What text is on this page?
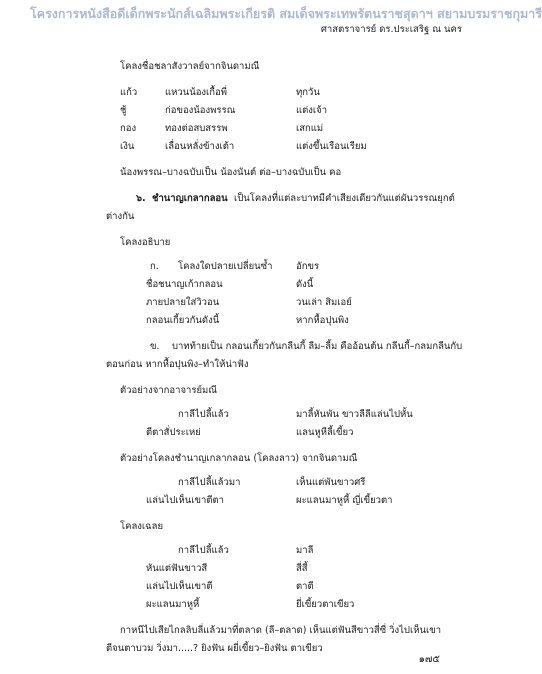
โครงการหนังสือดีเด็กพระนักส์เฉลิมพระเกียรติ สมเด็จพระเทพรัตนราชสุดาฯ สยามบรมราชกุมารี
ศาสตราจารย์ ดร.ประเสริฐ ณ นคร
โคลงชื่อชลาสังวาลย์จากจินดามณี
แก้ว	แหวนน้องเกื้อพี่	ทุกวัน
ชู้	ก่อของน้องพรรณ	แต่งเจ้า
กอง	ทองต่อสบสรรพ	เสกแม่
เงิน	เลื่อนหลั่งข้างเต้า	แต่งขึ้นเรือนเรียม
น้องพรรณ–บางฉบับเป็น น้องนันต์ ต่อ–บางฉบับเป็น คอ
๖. ชำนาญเกลากลอน เป็นโคลงที่แต่ละบาทมีคำเสียงเดียวกันแต่ผันวรรณยุกต์
ต่างกัน
โคลงอธิบาย
ก. โคลงใดปลายเปลี่ยนซ้ำ อักขร
ชื่อชนาญเก้ากลอน	ดังนี้
ภายปลายใส่วิวอน	วนเล่า สิมเอย์
กลอนเกี้ยวกันดังนี้	หากหื้อปุนพิง
ข. บาทท้ายเป็น กลอนเกี้ยวกันกลีนกี้ ลีม–ลี้ม คืออ้อนต้น กลีนกี้–กลมกลีนกับ
ตอนก่อน หากหื้อปุนพิง–ทำให้น่าฟัง
ตัวอย่างจากอาจารย์มณี
กาลีไปลี้แล้ว	มาลี้หันพัน ขาวลีลีแล่นไปหั้น
ตีตาสั่ประเหย่	แลนหูหีลี้เขี้ยว
ตัวอย่างโคลงชำนาญเกลากลอน (โคลงลาว) จากจินดามณี
กาลีไปลี้แล้วมา	เห็นแต่พันขาวศรี
แล่นไปเห็นเขาตีตา	ผะแลนมาหูหี้ ญี่เขี้ยวตา
โคลงเฉลย
กาลีไปลี้แล้ว	มาลี
หันแต่ฟันขาวสี	สี่สี้
แล่นไปเห็นเขาตี	ตาตี
ผะแลนมาหูหี้	ยี่เขี้ยวตาเขียว
กาหนีไปเสียไกลลิบลี่แล้วมาที่ตลาด (ลี–ตลาด) เห็นแต่ฟันสีขาวสี่ซี่ วิ่งไปเห็นเขา
ตีจนตาบวม วิ่งมา.....? ยิงฟัน ผยี่เขี้ยว–ยิงฟัน ตาเขียว
๑๗๕
